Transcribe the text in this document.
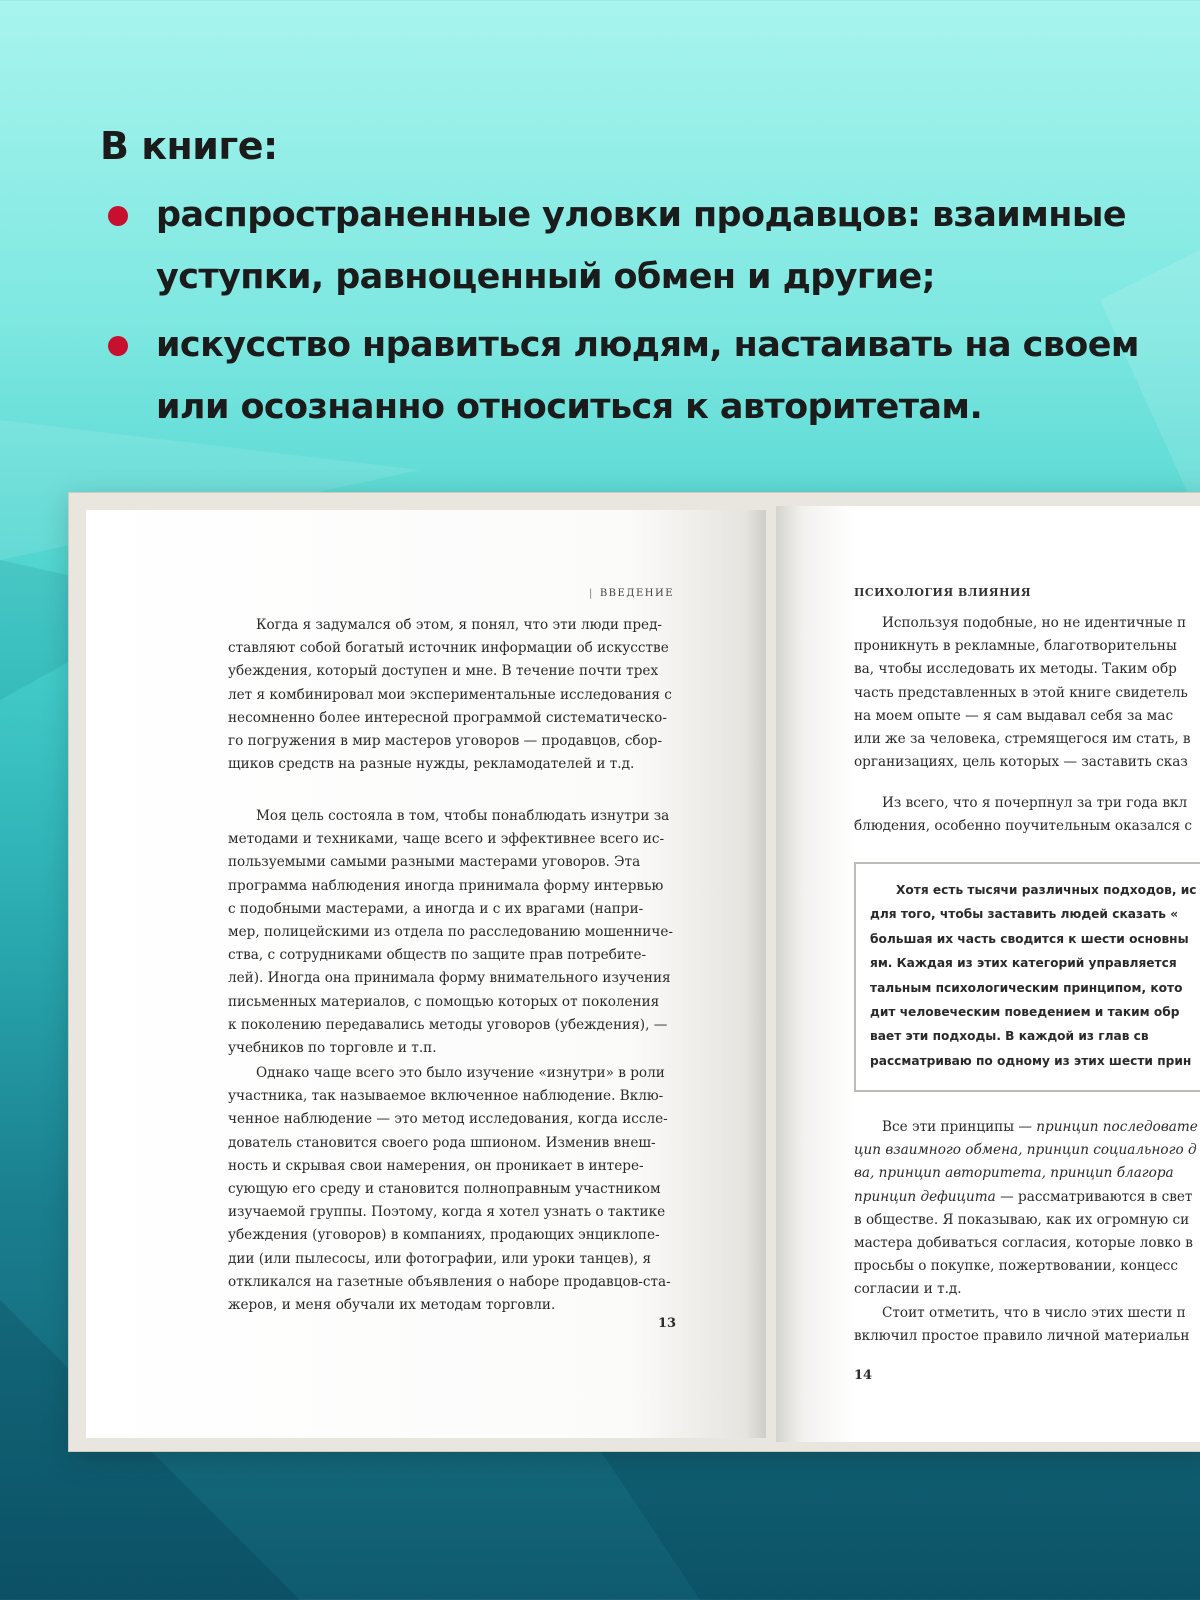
В книге:
распространенные уловки продавцов: взаимные
уступки, равноценный обмен и другие;
искусство нравиться людям, настаивать на своем
или осознанно относиться к авторитетам.
| ВВЕДЕНИЕ

Когда я задумался об этом, я понял, что эти люди пред-

ставляют собой богатый источник информации об искусстве
убеждения, который доступен и мне. В течение почти трех
лет я комбинировал мои экспериментальные исследования с
несомненно более интересной программой систематическо-
го погружения в мир мастеров уговоров — продавцов, сбор-
щиков средств на разные нужды, рекламодателей и т.д.

Моя цель состояла в том, чтобы понаблюдать изнутри за

методами и техниками, чаще всего и эффективнее всего ис-
пользуемыми самыми разными мастерами уговоров. Эта
программа наблюдения иногда принимала форму интервью
с подобными мастерами, а иногда и с их врагами (напри-
мер, полицейскими из отдела по расследованию мошенниче-
ства, с сотрудниками обществ по защите прав потребите-
лей). Иногда она принимала форму внимательного изучения
письменных материалов, с помощью которых от поколения
к поколению передавались методы уговоров (убеждения), —
учебников по торговле и т.п.

Однако чаще всего это было изучение «изнутри» в роли

участника, так называемое включенное наблюдение. Вклю-
ченное наблюдение — это метод исследования, когда иссле-
дователь становится своего рода шпионом. Изменив внеш-
ность и скрывая свои намерения, он проникает в интере-
сующую его среду и становится полноправным участником
изучаемой группы. Поэтому, когда я хотел узнать о тактике
убеждения (уговоров) в компаниях, продающих энциклопе-
дии (или пылесосы, или фотографии, или уроки танцев), я
откликался на газетные объявления о наборе продавцов-ста-
жеров, и меня обучали их методам торговли.
13
ПСИХОЛОГИЯ ВЛИЯНИЯ

Используя подобные, но не идентичные п

проникнуть в рекламные, благотворительны
ва, чтобы исследовать их методы. Таким обр
часть представленных в этой книге свидетель
на моем опыте — я сам выдавал себя за мас
или же за человека, стремящегося им стать, в
организациях, цель которых — заставить сказ

Из всего, что я почерпнул за три года вкл

блюдения, особенно поучительным оказался с
Хотя есть тысячи различных подходов, ис
для того, чтобы заставить людей сказать «
большая их часть сводится к шести основны
ям. Каждая из этих категорий управляется
тальным психологическим принципом, кото
дит человеческим поведением и таким обр
вает эти подходы. В каждой из глав св
рассматриваю по одному из этих шести прин

Все эти принципы — принцип последовате

цип взаимного обмена, принцип социального д
ва, принцип авторитета, принцип благора
принцип дефицита — рассматриваются в свет
в обществе. Я показываю, как их огромную си
мастера добиваться согласия, которые ловко в
просьбы о покупке, пожертвовании, концесс
согласии и т.д.

Стоит отметить, что в число этих шести п

включил простое правило личной материальн
14
